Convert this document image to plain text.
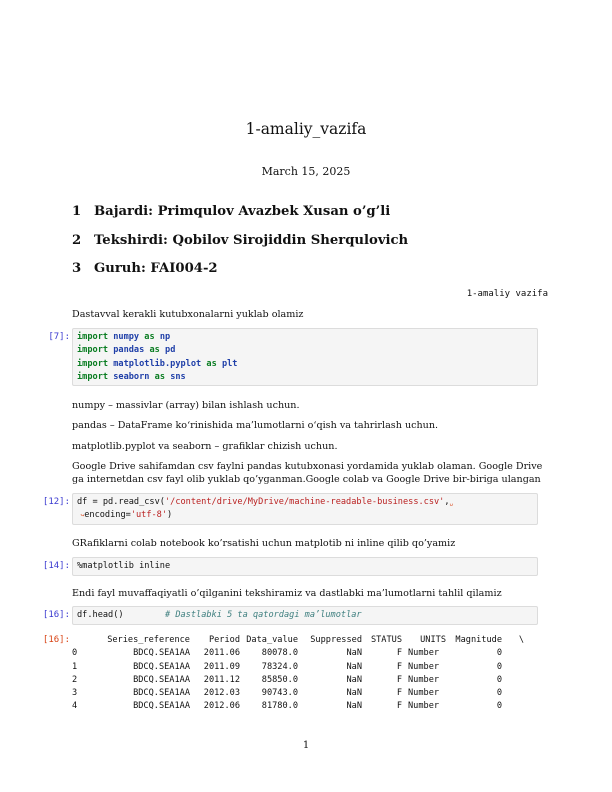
1-amaliy_vazifa
March 15, 2025
1 Bajardi: Primqulov Avazbek Xusan o’g’li
2 Tekshirdi: Qobilov Sirojiddin Sherqulovich
3 Guruh: FAI004-2
1-amaliy vazifa
Dastavval kerakli kutubxonalarni yuklab olamiz
[7]: import numpy as np
import pandas as pd
import matplotlib.pyplot as plt
import seaborn as sns
numpy – massivlar (array) bilan ishlash uchun.
pandas – DataFrame ko‘rinishida ma’lumotlarni o‘qish va tahrirlash uchun.
matplotlib.pyplot va seaborn – grafiklar chizish uchun.
Google Drive sahifamdan csv faylni pandas kutubxonasi yordamida yuklab olaman. Google Drive
ga internetdan csv fayl olib yuklab qo’yganman.Google colab va Google Drive bir-biriga ulangan
[12]: df = pd.read_csv('/content/drive/MyDrive/machine-readable-business.csv',␣
↪encoding='utf-8')
GRafiklarni colab notebook ko’rsatishi uchun matplotib ni inline qilib qo’yamiz
[14]: %matplotlib inline
Endi fayl muvaffaqiyatli o’qilganini tekshiramiz va dastlabki ma’lumotlarni tahlil qilamiz
[16]: df.head()	# Dastlabki 5 ta qatordagi ma’lumotlar
[16]:
		Series_reference	Period	Data_value	Suppressed	STATUS	UNITS	Magnitude	\
0	BDCQ.SEA1AA	2011.06	80078.0	NaN	F	Number	0	
1	BDCQ.SEA1AA	2011.09	78324.0	NaN	F	Number	0	
2	BDCQ.SEA1AA	2011.12	85850.0	NaN	F	Number	0	
3	BDCQ.SEA1AA	2012.03	90743.0	NaN	F	Number	0	
4	BDCQ.SEA1AA	2012.06	81780.0	NaN	F	Number	0	
1
